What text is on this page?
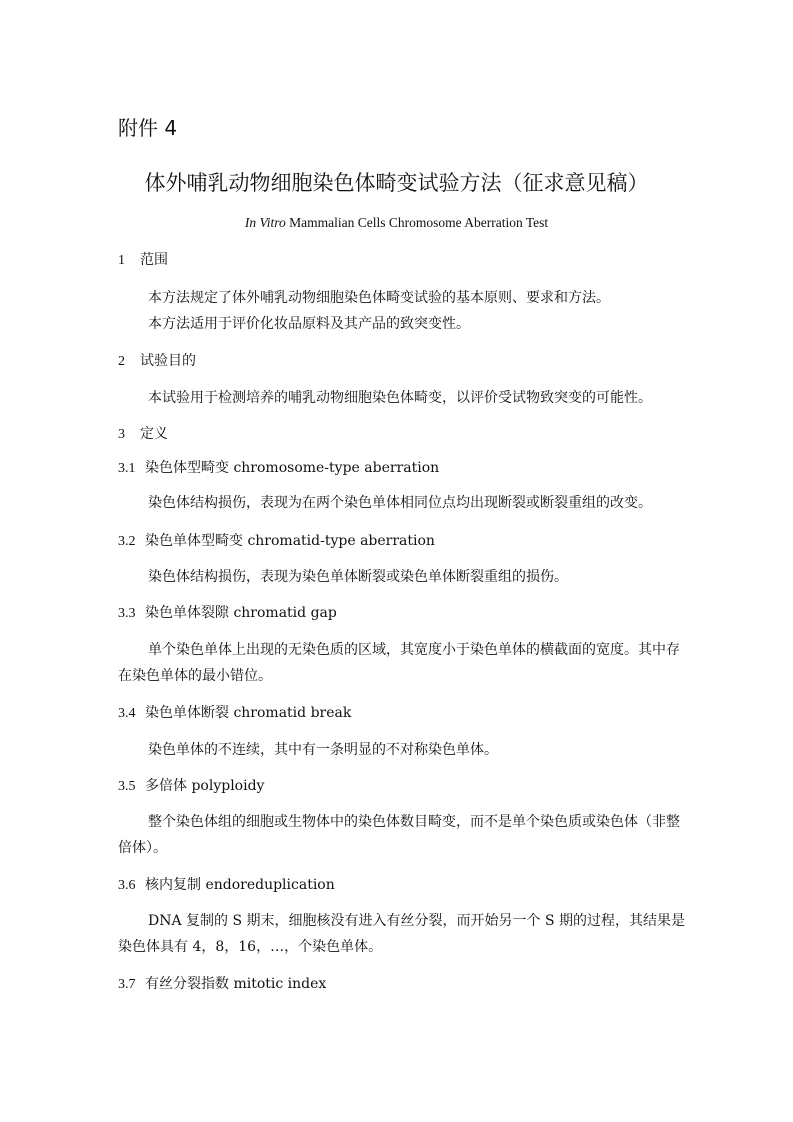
附件 4
体外哺乳动物细胞染色体畸变试验方法（征求意见稿）
In Vitro Mammalian Cells Chromosome Aberration Test
1 范围
本方法规定了体外哺乳动物细胞染色体畸变试验的基本原则、要求和方法。
本方法适用于评价化妆品原料及其产品的致突变性。
2 试验目的
本试验用于检测培养的哺乳动物细胞染色体畸变，以评价受试物致突变的可能性。
3 定义
3.1 染色体型畸变 chromosome-type aberration
染色体结构损伤，表现为在两个染色单体相同位点均出现断裂或断裂重组的改变。
3.2 染色单体型畸变 chromatid-type aberration
染色体结构损伤，表现为染色单体断裂或染色单体断裂重组的损伤。
3.3 染色单体裂隙 chromatid gap
单个染色单体上出现的无染色质的区域，其宽度小于染色单体的横截面的宽度。其中存
在染色单体的最小错位。
3.4 染色单体断裂 chromatid break
染色单体的不连续，其中有一条明显的不对称染色单体。
3.5 多倍体 polyploidy
整个染色体组的细胞或生物体中的染色体数目畸变，而不是单个染色质或染色体（非整
倍体）。
3.6 核内复制 endoreduplication
DNA 复制的 S 期末，细胞核没有进入有丝分裂，而开始另一个 S 期的过程，其结果是
染色体具有 4，8，16，…，个染色单体。
3.7 有丝分裂指数 mitotic index
